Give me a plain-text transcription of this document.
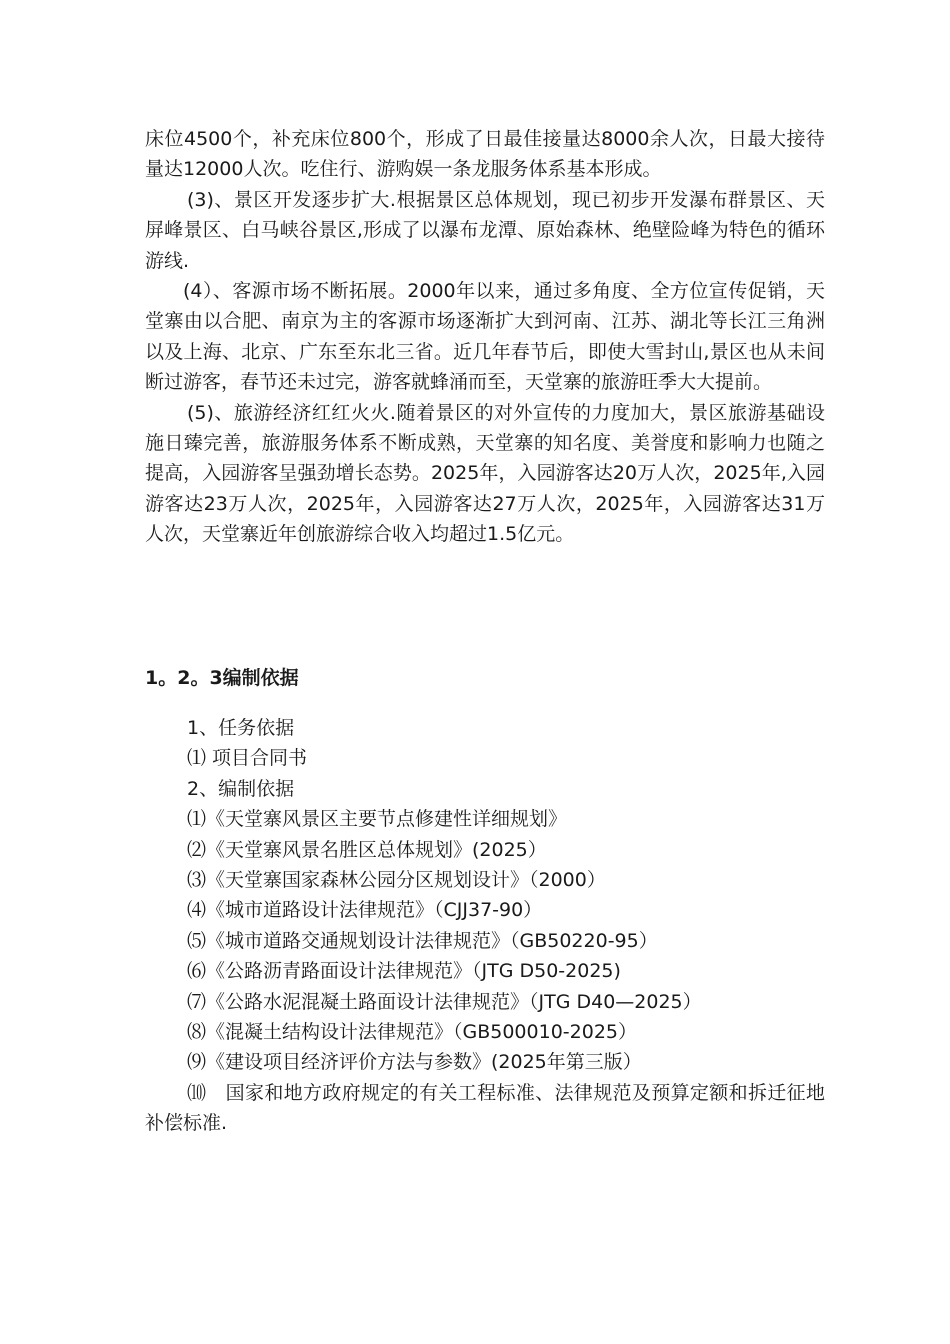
床位4500个，补充床位800个，形成了日最佳接量达8000余人次，日最大接待量达12000人次。吃住行、游购娱一条龙服务体系基本形成。

(3)、景区开发逐步扩大.根据景区总体规划，现已初步开发瀑布群景区、天屏峰景区、白马峡谷景区,形成了以瀑布龙潭、原始森林、绝壁险峰为特色的循环游线.

(4）、客源市场不断拓展。2000年以来，通过多角度、全方位宣传促销，天堂寨由以合肥、南京为主的客源市场逐渐扩大到河南、江苏、湖北等长江三角洲以及上海、北京、广东至东北三省。近几年春节后，即使大雪封山,景区也从未间断过游客，春节还未过完，游客就蜂涌而至，天堂寨的旅游旺季大大提前。

(5)、旅游经济红红火火.随着景区的对外宣传的力度加大，景区旅游基础设施日臻完善，旅游服务体系不断成熟，天堂寨的知名度、美誉度和影响力也随之提高，入园游客呈强劲增长态势。2025年，入园游客达20万人次，2025年,入园游客达23万人次，2025年，入园游客达27万人次，2025年，入园游客达31万人次，天堂寨近年创旅游综合收入均超过1.5亿元。

1。2。3编制依据
1、任务依据
⑴ 项目合同书
2、编制依据
⑴《天堂寨风景区主要节点修建性详细规划》
⑵《天堂寨风景名胜区总体规划》(2025）
⑶《天堂寨国家森林公园分区规划设计》（2000）
⑷《城市道路设计法律规范》（CJJ37-90）
⑸《城市道路交通规划设计法律规范》（GB50220-95）
⑹《公路沥青路面设计法律规范》（JTG D50-2025)
⑺《公路水泥混凝土路面设计法律规范》（JTG D40—2025）
⑻《混凝土结构设计法律规范》（GB500010-2025）
⑼《建设项目经济评价方法与参数》(2025年第三版）
⑽　国家和地方政府规定的有关工程标准、法律规范及预算定额和拆迁征地补偿标准.
